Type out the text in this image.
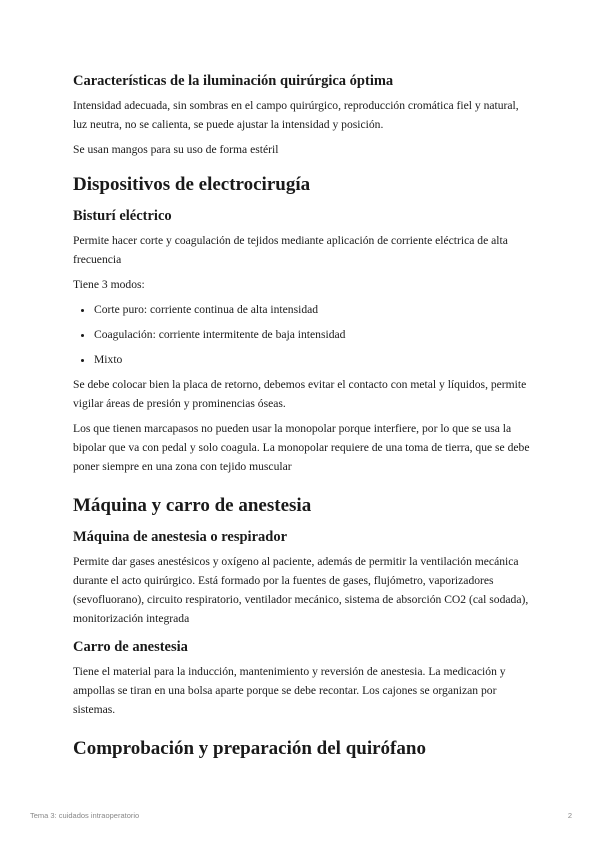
Características de la iluminación quirúrgica óptima

Intensidad adecuada, sin sombras en el campo quirúrgico, reproducción cromática fiel y natural, luz neutra, no se calienta, se puede ajustar la intensidad y posición.

Se usan mangos para su uso de forma estéril

Dispositivos de electrocirugía
Bisturí eléctrico

Permite hacer corte y coagulación de tejidos mediante aplicación de corriente eléctrica de alta frecuencia

Tiene 3 modos:

• Corte puro: corriente continua de alta intensidad
• Coagulación: corriente intermitente de baja intensidad
• Mixto

Se debe colocar bien la placa de retorno, debemos evitar el contacto con metal y líquidos, permite vigilar áreas de presión y prominencias óseas.

Los que tienen marcapasos no pueden usar la monopolar porque interfiere, por lo que se usa la bipolar que va con pedal y solo coagula. La monopolar requiere de una toma de tierra, que se debe poner siempre en una zona con tejido muscular

Máquina y carro de anestesia
Máquina de anestesia o respirador

Permite dar gases anestésicos y oxígeno al paciente, además de permitir la ventilación mecánica durante el acto quirúrgico. Está formado por la fuentes de gases, flujómetro, vaporizadores (sevofluorano), circuito respiratorio, ventilador mecánico, sistema de absorción CO2 (cal sodada), monitorización integrada

Carro de anestesia

Tiene el material para la inducción, mantenimiento y reversión de anestesia. La medicación y ampollas se tiran en una bolsa aparte porque se debe recontar. Los cajones se organizan por sistemas.

Comprobación y preparación del quirófano
Tema 3: cuidados intraoperatorio	2
